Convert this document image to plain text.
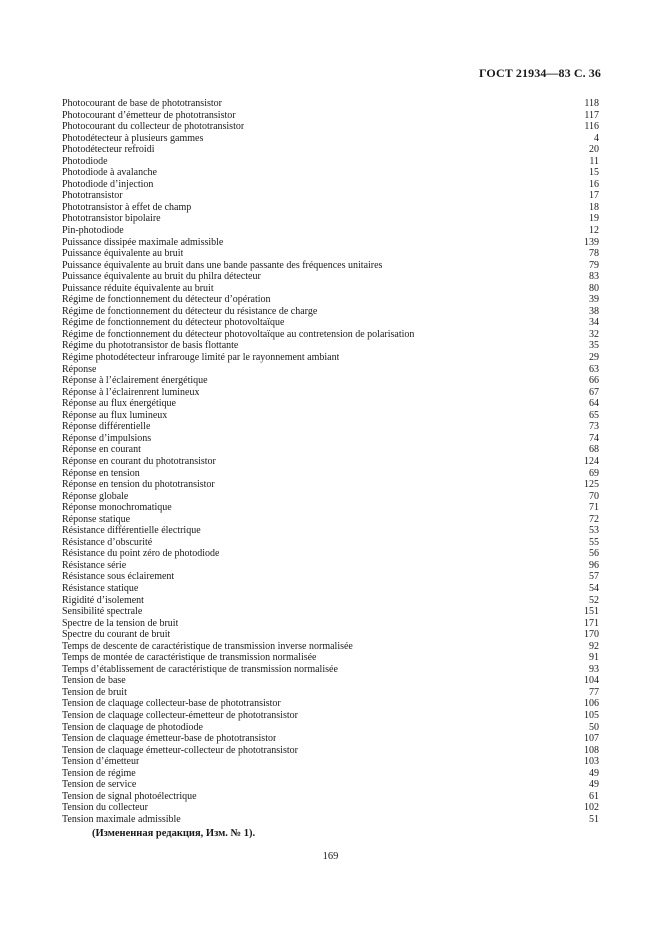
ГОСТ 21934—83 С. 36
Photocourant de base de phototransistor	118
Photocourant d’émetteur de phototransistor	117
Photocourant du collecteur de phototransistor	116
Photodétecteur à plusieurs gammes	4
Photodétecteur refroidi	20
Photodiode	11
Photodiode à avalanche	15
Photodiode d’injection	16
Phototransistor	17
Phototransistor à effet de champ	18
Phototransistor bipolaire	19
Pin-photodiode	12
Puissance dissipée maximale admissible	139
Puissance équivalente au bruit	78
Puissance équivalente au bruit dans une bande passante des fréquences unitaires	79
Puissance équivalente au bruit du philra détecteur	83
Puissance réduite équivalente au bruit	80
Régime de fonctionnement du détecteur d’opération	39
Régime de fonctionnement du détecteur du résistance de charge	38
Régime de fonctionnement du détecteur photovoltaïque	34
Régime de fonctionnement du détecteur photovoltaïque au contretension de polarisation	32
Régime du phototransistor de basis flottante	35
Régime photodétecteur infrarouge limité par le rayonnement ambiant	29
Réponse	63
Réponse à l’éclairement énergétique	66
Réponse à l’éclairenrent lumineux	67
Réponse au flux énergétique	64
Réponse au flux lumineux	65
Réponse différentielle	73
Réponse d’impulsions	74
Réponse en courant	68
Réponse en courant du phototransistor	124
Réponse en tension	69
Réponse en tension du phototransistor	125
Réponse globale	70
Réponse monochromatique	71
Réponse statique	72
Résistance différentielle électrique	53
Résistance d’obscurité	55
Résistance du point zéro de photodiode	56
Résistance série	96
Résistance sous éclairement	57
Résistance statique	54
Rigidité d’isolement	52
Sensibilité spectrale	151
Spectre de la tension de bruit	171
Spectre du courant de bruit	170
Temps de descente de caractéristique de transmission inverse normalisée	92
Temps de montée de caractéristique de transmission normalisée	91
Temps d’établissement de caractéristique de transmission normalisée	93
Tension de base	104
Tension de bruit	77
Tension de claquage collecteur-base de phototransistor	106
Tension de claquage collecteur-émetteur de phototransistor	105
Tension de claquage de photodiode	50
Tension de claquage émetteur-base de phototransistor	107
Tension de claquage émetteur-collecteur de phototransistor	108
Tension d’émetteur	103
Tension de régime	49
Tension de service	49
Tension de signal photoélectrique	61
Tension du collecteur	102
Tension maximale admissible	51
(Измененная редакция, Изм. № 1).
169
